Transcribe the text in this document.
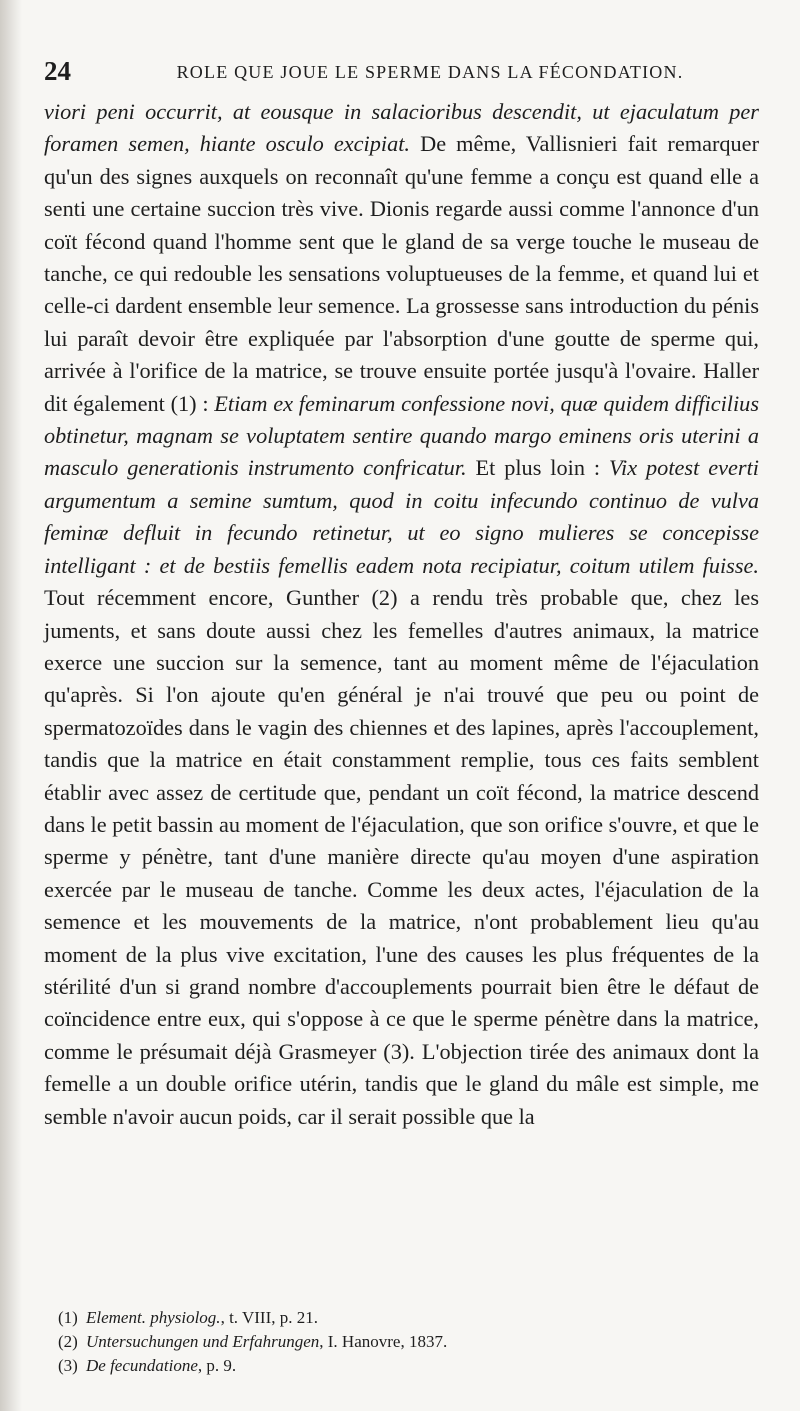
24	ROLE QUE JOUE LE SPERME DANS LA FÉCONDATION.

viori peni occurrit, at eousque in salacioribus descendit, ut ejaculatum per foramen semen, hiante osculo excipiat. De même, Vallisnieri fait remarquer qu'un des signes auxquels on reconnaît qu'une femme a conçu est quand elle a senti une certaine succion très vive. Dionis regarde aussi comme l'annonce d'un coït fécond quand l'homme sent que le gland de sa verge touche le museau de tanche, ce qui redouble les sensations voluptueuses de la femme, et quand lui et celle-ci dardent ensemble leur semence. La grossesse sans introduction du pénis lui paraît devoir être expliquée par l'absorption d'une goutte de sperme qui, arrivée à l'orifice de la matrice, se trouve ensuite portée jusqu'à l'ovaire. Haller dit également (1) : Etiam ex feminarum confessione novi, quæ quidem difficilius obtinetur, magnam se voluptatem sentire quando margo eminens oris uterini a masculo generationis instrumento confricatur. Et plus loin : Vix potest everti argumentum a semine sumtum, quod in coitu infecundo continuo de vulva feminæ defluit in fecundo retinetur, ut eo signo mulieres se concepisse intelligant : et de bestiis femellis eadem nota recipiatur, coitum utilem fuisse. Tout récemment encore, Gunther (2) a rendu très probable que, chez les juments, et sans doute aussi chez les femelles d'autres animaux, la matrice exerce une succion sur la semence, tant au moment même de l'éjaculation qu'après. Si l'on ajoute qu'en général je n'ai trouvé que peu ou point de spermatozoïdes dans le vagin des chiennes et des lapines, après l'accouplement, tandis que la matrice en était constamment remplie, tous ces faits semblent établir avec assez de certitude que, pendant un coït fécond, la matrice descend dans le petit bassin au moment de l'éjaculation, que son orifice s'ouvre, et que le sperme y pénètre, tant d'une manière directe qu'au moyen d'une aspiration exercée par le museau de tanche. Comme les deux actes, l'éjaculation de la semence et les mouvements de la matrice, n'ont probablement lieu qu'au moment de la plus vive excitation, l'une des causes les plus fréquentes de la stérilité d'un si grand nombre d'accouplements pourrait bien être le défaut de coïncidence entre eux, qui s'oppose à ce que le sperme pénètre dans la matrice, comme le présumait déjà Grasmeyer (3). L'objection tirée des animaux dont la femelle a un double orifice utérin, tandis que le gland du mâle est simple, me semble n'avoir aucun poids, car il serait possible que la

(1) Element. physiolog., t. VIII, p. 21.
(2) Untersuchungen und Erfahrungen, I. Hanovre, 1837.
(3) De fecundatione, p. 9.
